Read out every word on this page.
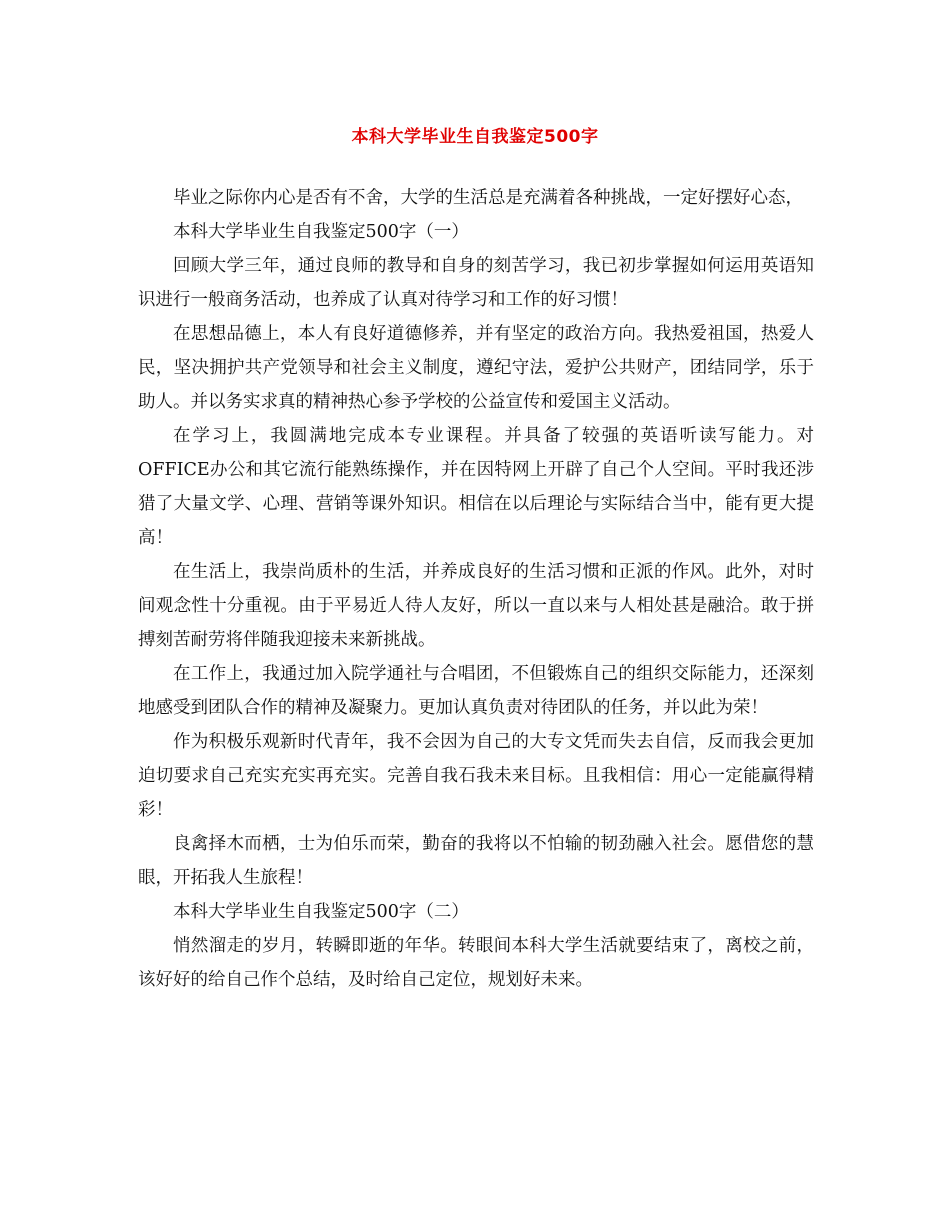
本科大学毕业生自我鉴定500字

毕业之际你内心是否有不舍，大学的生活总是充满着各种挑战，一定好摆好心态，

本科大学毕业生自我鉴定500字（一）

回顾大学三年，通过良师的教导和自身的刻苦学习，我已初步掌握如何运用英语知识进行一般商务活动，也养成了认真对待学习和工作的好习惯！

在思想品德上，本人有良好道德修养，并有坚定的政治方向。我热爱祖国，热爱人民，坚决拥护共产党领导和社会主义制度，遵纪守法，爱护公共财产，团结同学，乐于助人。并以务实求真的精神热心参予学校的公益宣传和爱国主义活动。

在学习上，我圆满地完成本专业课程。并具备了较强的英语听读写能力。对OFFICE办公和其它流行能熟练操作，并在因特网上开辟了自己个人空间。平时我还涉猎了大量文学、心理、营销等课外知识。相信在以后理论与实际结合当中，能有更大提高！

在生活上，我崇尚质朴的生活，并养成良好的生活习惯和正派的作风。此外，对时间观念性十分重视。由于平易近人待人友好，所以一直以来与人相处甚是融洽。敢于拼搏刻苦耐劳将伴随我迎接未来新挑战。

在工作上，我通过加入院学通社与合唱团，不但锻炼自己的组织交际能力，还深刻地感受到团队合作的精神及凝聚力。更加认真负责对待团队的任务，并以此为荣！

作为积极乐观新时代青年，我不会因为自己的大专文凭而失去自信，反而我会更加迫切要求自己充实充实再充实。完善自我石我未来目标。且我相信：用心一定能赢得精彩！

良禽择木而栖，士为伯乐而荣，勤奋的我将以不怕输的韧劲融入社会。愿借您的慧眼，开拓我人生旅程！

本科大学毕业生自我鉴定500字（二）

悄然溜走的岁月，转瞬即逝的年华。转眼间本科大学生活就要结束了，离校之前，该好好的给自己作个总结，及时给自己定位，规划好未来。
